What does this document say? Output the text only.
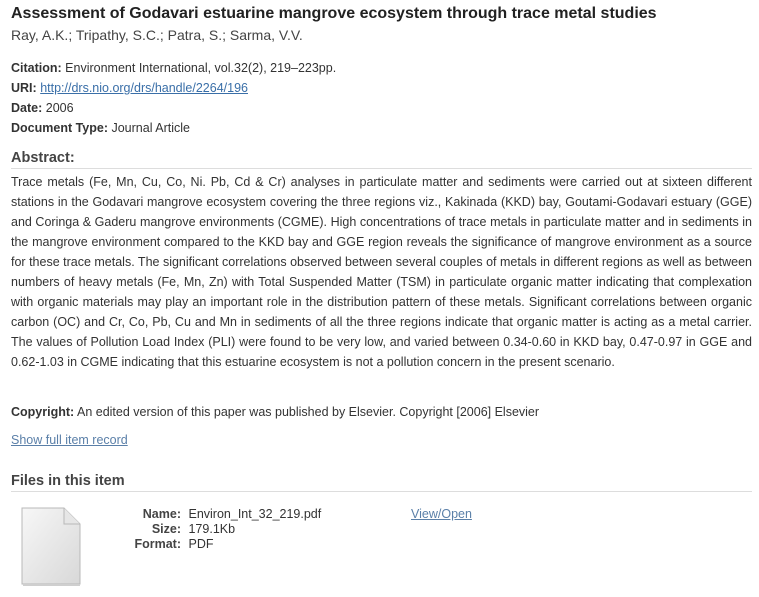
Assessment of Godavari estuarine mangrove ecosystem through trace metal studies
Ray, A.K.; Tripathy, S.C.; Patra, S.; Sarma, V.V.
Citation: Environment International, vol.32(2), 219–223pp.
URI: http://drs.nio.org/drs/handle/2264/196
Date: 2006
Document Type: Journal Article
Abstract:
Trace metals (Fe, Mn, Cu, Co, Ni. Pb, Cd & Cr) analyses in particulate matter and sediments were carried out at sixteen different stations in the Godavari mangrove ecosystem covering the three regions viz., Kakinada (KKD) bay, Goutami-Godavari estuary (GGE) and Coringa & Gaderu mangrove environments (CGME). High concentrations of trace metals in particulate matter and in sediments in the mangrove environment compared to the KKD bay and GGE region reveals the significance of mangrove environment as a source for these trace metals. The significant correlations observed between several couples of metals in different regions as well as between numbers of heavy metals (Fe, Mn, Zn) with Total Suspended Matter (TSM) in particulate organic matter indicating that complexation with organic materials may play an important role in the distribution pattern of these metals. Significant correlations between organic carbon (OC) and Cr, Co, Pb, Cu and Mn in sediments of all the three regions indicate that organic matter is acting as a metal carrier. The values of Pollution Load Index (PLI) were found to be very low, and varied between 0.34-0.60 in KKD bay, 0.47-0.97 in GGE and 0.62-1.03 in CGME indicating that this estuarine ecosystem is not a pollution concern in the present scenario.
Copyright: An edited version of this paper was published by Elsevier. Copyright [2006] Elsevier
Show full item record
Files in this item
Name: Environ_Int_32_219.pdf
Size: 179.1Kb
Format: PDF
View/Open
